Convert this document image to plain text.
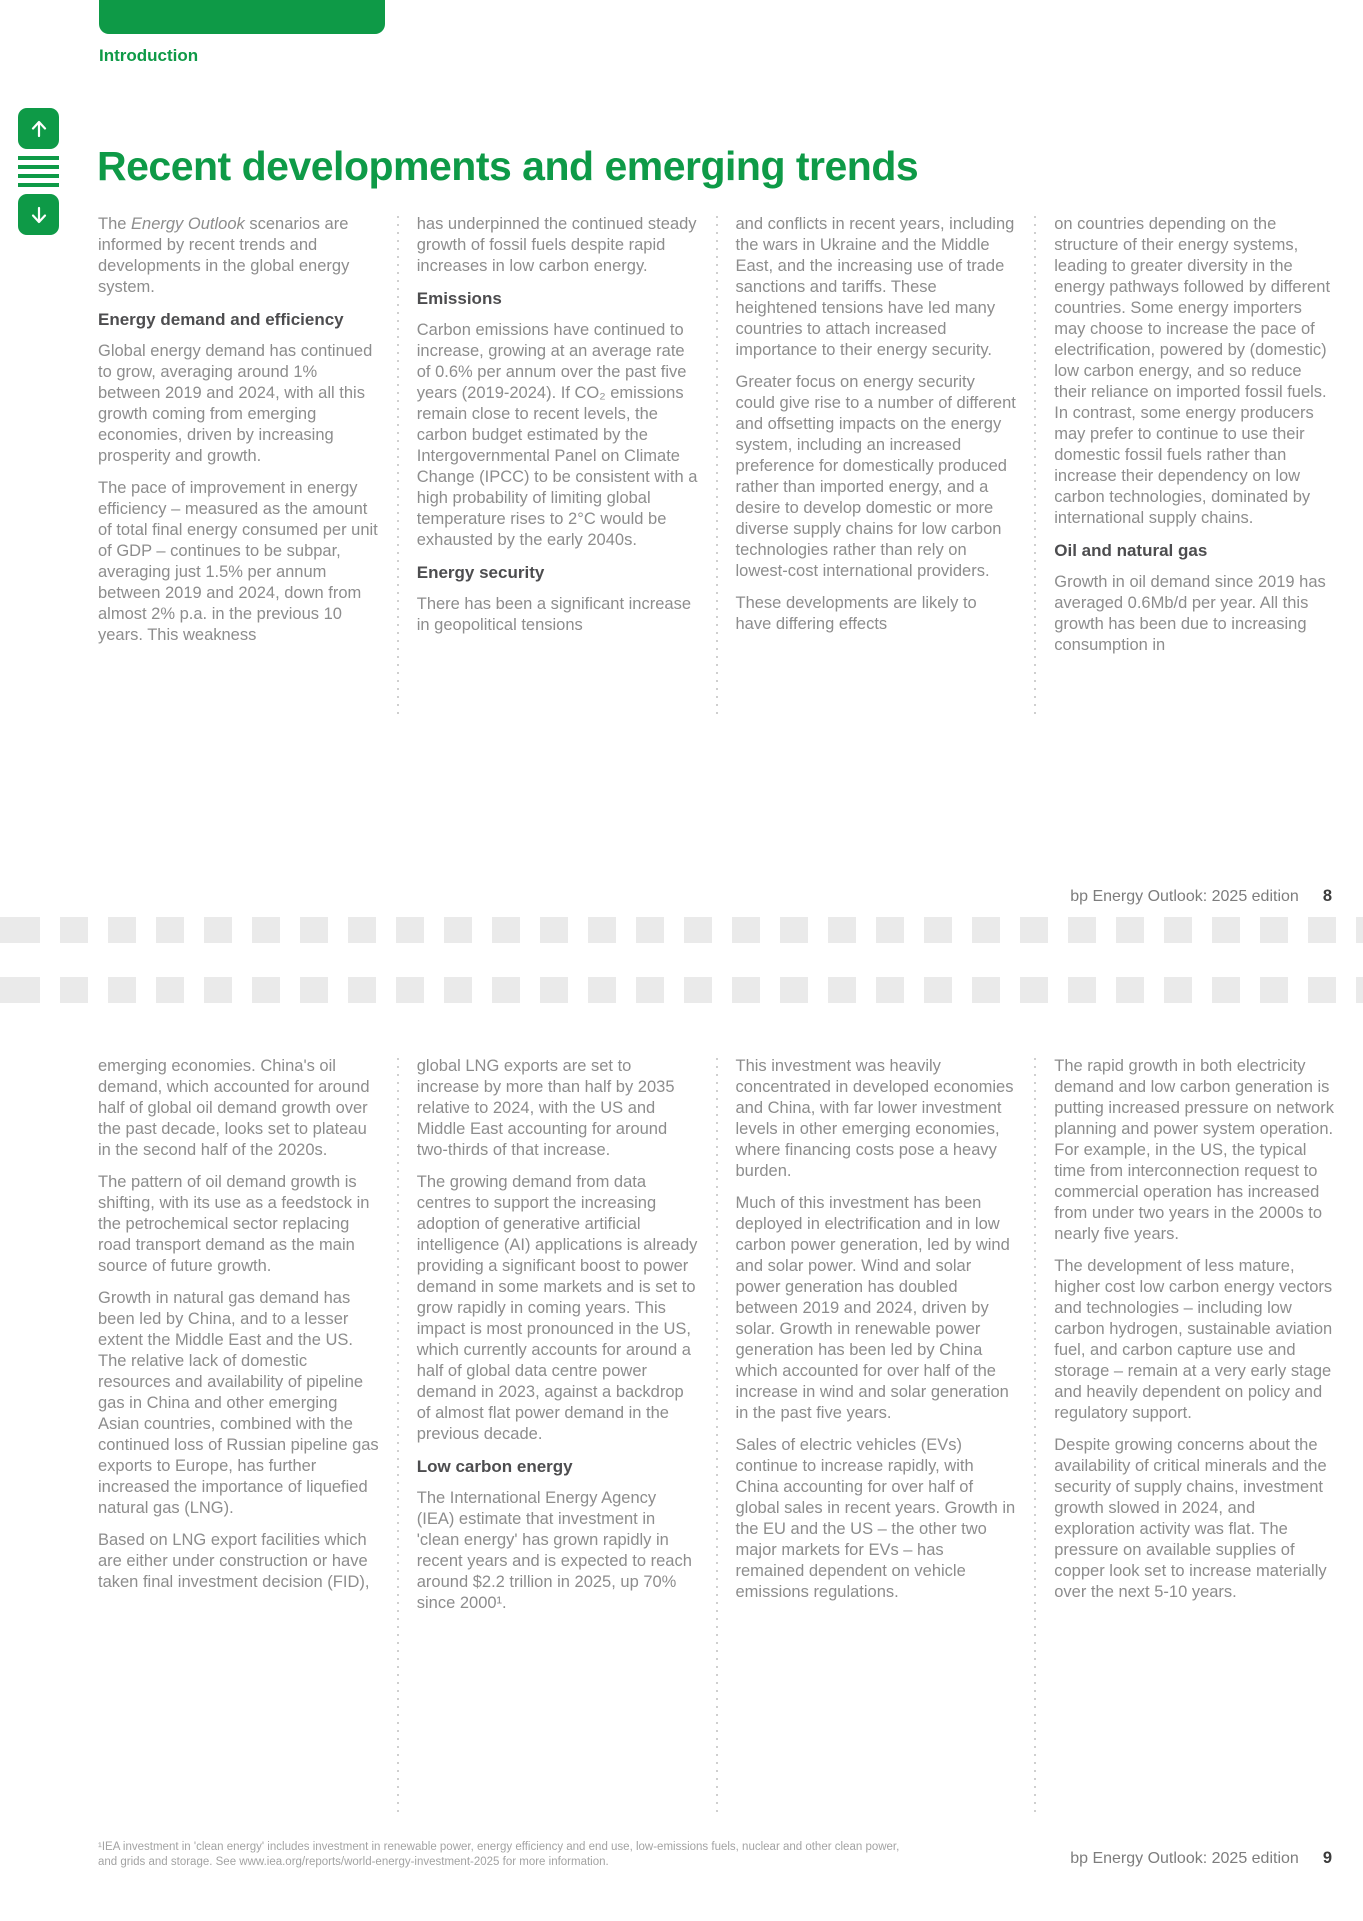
Introduction
Recent developments and emerging trends

The Energy Outlook scenarios are informed by recent trends and developments in the global energy system.

Energy demand and efficiency

Global energy demand has continued to grow, averaging around 1% between 2019 and 2024, with all this growth coming from emerging economies, driven by increasing prosperity and growth.

The pace of improvement in energy efficiency – measured as the amount of total final energy consumed per unit of GDP – continues to be subpar, averaging just 1.5% per annum between 2019 and 2024, down from almost 2% p.a. in the previous 10 years. This weakness

has underpinned the continued steady growth of fossil fuels despite rapid increases in low carbon energy.

Emissions

Carbon emissions have continued to increase, growing at an average rate of 0.6% per annum over the past five years (2019-2024). If CO₂ emissions remain close to recent levels, the carbon budget estimated by the Intergovernmental Panel on Climate Change (IPCC) to be consistent with a high probability of limiting global temperature rises to 2°C would be exhausted by the early 2040s.

Energy security

There has been a significant increase in geopolitical tensions

and conflicts in recent years, including the wars in Ukraine and the Middle East, and the increasing use of trade sanctions and tariffs. These heightened tensions have led many countries to attach increased importance to their energy security.

Greater focus on energy security could give rise to a number of different and offsetting impacts on the energy system, including an increased preference for domestically produced rather than imported energy, and a desire to develop domestic or more diverse supply chains for low carbon technologies rather than rely on lowest-cost international providers.

These developments are likely to have differing effects

on countries depending on the structure of their energy systems, leading to greater diversity in the energy pathways followed by different countries. Some energy importers may choose to increase the pace of electrification, powered by (domestic) low carbon energy, and so reduce their reliance on imported fossil fuels. In contrast, some energy producers may prefer to continue to use their domestic fossil fuels rather than increase their dependency on low carbon technologies, dominated by international supply chains.

Oil and natural gas

Growth in oil demand since 2019 has averaged 0.6Mb/d per year. All this growth has been due to increasing consumption in

bp Energy Outlook: 2025 edition 8

emerging economies. China's oil demand, which accounted for around half of global oil demand growth over the past decade, looks set to plateau in the second half of the 2020s.

The pattern of oil demand growth is shifting, with its use as a feedstock in the petrochemical sector replacing road transport demand as the main source of future growth.

Growth in natural gas demand has been led by China, and to a lesser extent the Middle East and the US. The relative lack of domestic resources and availability of pipeline gas in China and other emerging Asian countries, combined with the continued loss of Russian pipeline gas exports to Europe, has further increased the importance of liquefied natural gas (LNG).

Based on LNG export facilities which are either under construction or have taken final investment decision (FID),

global LNG exports are set to increase by more than half by 2035 relative to 2024, with the US and Middle East accounting for around two-thirds of that increase.

The growing demand from data centres to support the increasing adoption of generative artificial intelligence (AI) applications is already providing a significant boost to power demand in some markets and is set to grow rapidly in coming years. This impact is most pronounced in the US, which currently accounts for around a half of global data centre power demand in 2023, against a backdrop of almost flat power demand in the previous decade.

Low carbon energy

The International Energy Agency (IEA) estimate that investment in 'clean energy' has grown rapidly in recent years and is expected to reach around $2.2 trillion in 2025, up 70% since 2000¹.

This investment was heavily concentrated in developed economies and China, with far lower investment levels in other emerging economies, where financing costs pose a heavy burden.

Much of this investment has been deployed in electrification and in low carbon power generation, led by wind and solar power. Wind and solar power generation has doubled between 2019 and 2024, driven by solar. Growth in renewable power generation has been led by China which accounted for over half of the increase in wind and solar generation in the past five years.

Sales of electric vehicles (EVs) continue to increase rapidly, with China accounting for over half of global sales in recent years. Growth in the EU and the US – the other two major markets for EVs – has remained dependent on vehicle emissions regulations.

The rapid growth in both electricity demand and low carbon generation is putting increased pressure on network planning and power system operation. For example, in the US, the typical time from interconnection request to commercial operation has increased from under two years in the 2000s to nearly five years.

The development of less mature, higher cost low carbon energy vectors and technologies – including low carbon hydrogen, sustainable aviation fuel, and carbon capture use and storage – remain at a very early stage and heavily dependent on policy and regulatory support.

Despite growing concerns about the availability of critical minerals and the security of supply chains, investment growth slowed in 2024, and exploration activity was flat. The pressure on available supplies of copper look set to increase materially over the next 5-10 years.

¹IEA investment in 'clean energy' includes investment in renewable power, energy efficiency and end use, low-emissions fuels, nuclear and other clean power, and grids and storage. See www.iea.org/reports/world-energy-investment-2025 for more information.	bp Energy Outlook: 2025 edition 9
